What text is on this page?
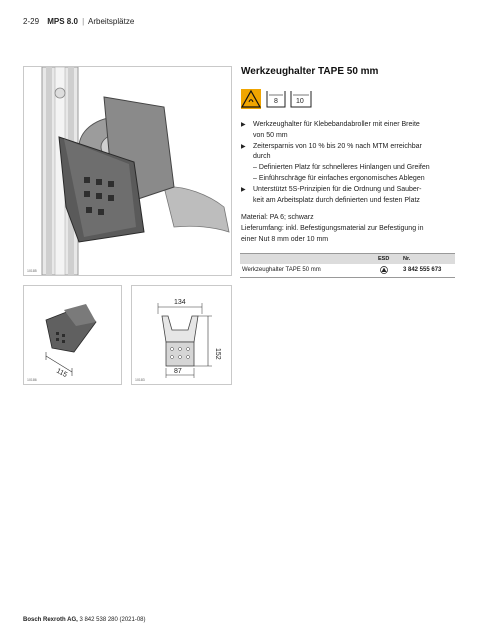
2-29 MPS 8.0 | Arbeitsplätze
10185
115
10186
134
152
87
10183
Werkzeughalter TAPE 50 mm
8	10
▶ Werkzeughalter für Klebebandabroller mit einer Breite
von 50 mm
▶ Zeitersparnis von 10 % bis 20 % nach MTM erreichbar
durch
– Definierten Platz für schnelleres Hinlangen und Greifen
– Einführschräge für einfaches ergonomisches Ablegen
▶ Unterstützt 5S-Prinzipien für die Ordnung und Sauber-
keit am Arbeitsplatz durch definierten und festen Platz
Material: PA 6; schwarz
Lieferumfang: inkl. Befestigungsmaterial zur Befestigung in
einer Nut 8 mm oder 10 mm
ESD Nr.
Werkzeughalter TAPE 50 mm	3 842 555 673
Bosch Rexroth AG, 3 842 538 280 (2021-08)
